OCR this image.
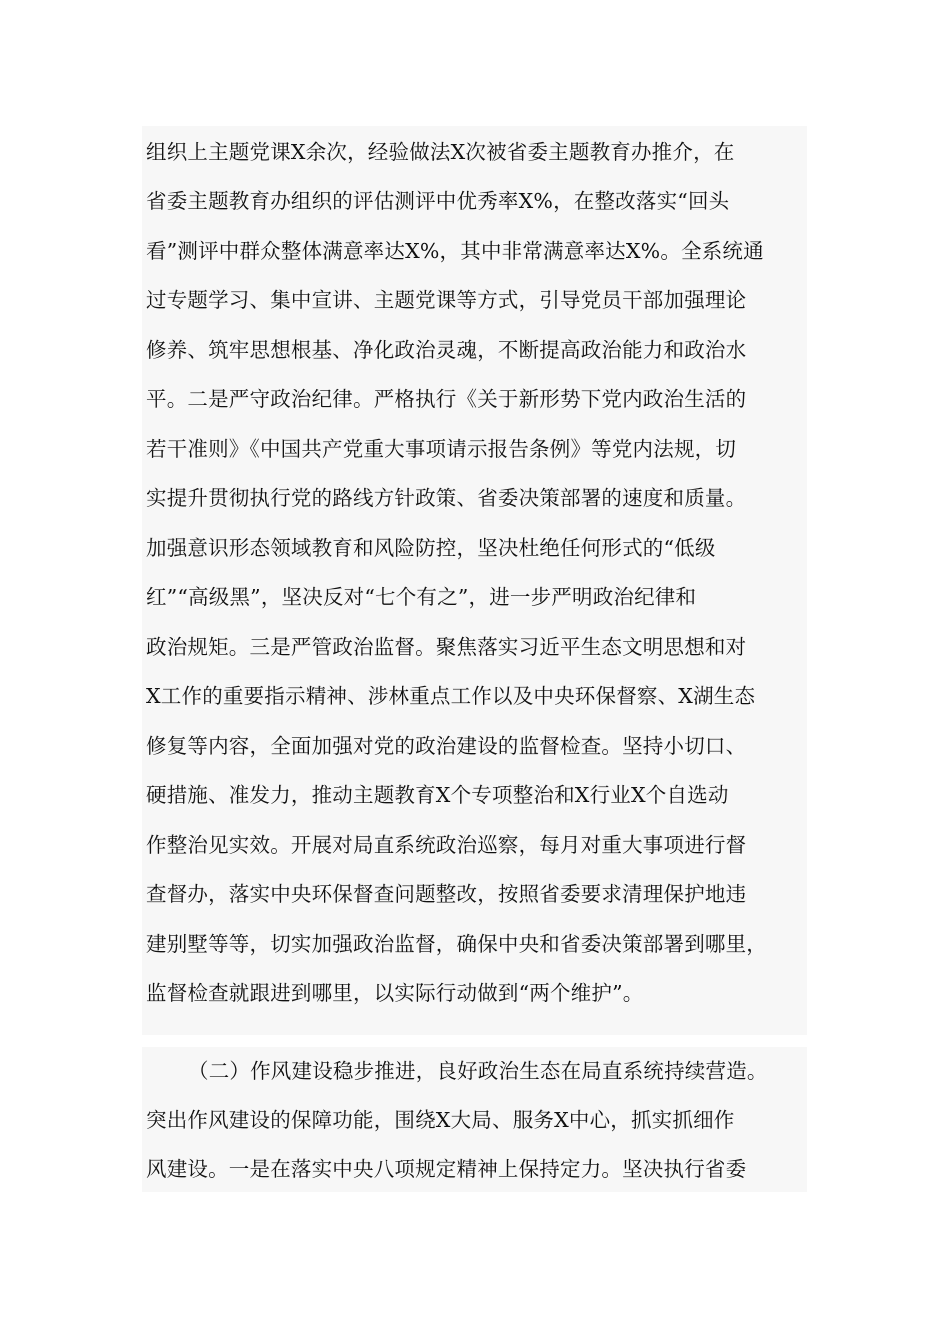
组织上主题党课X余次，经验做法X次被省委主题教育办推介，在
省委主题教育办组织的评估测评中优秀率X%，在整改落实“回头
看”测评中群众整体满意率达X%，其中非常满意率达X%。全系统通
过专题学习、集中宣讲、主题党课等方式，引导党员干部加强理论
修养、筑牢思想根基、净化政治灵魂，不断提高政治能力和政治水
平。二是严守政治纪律。严格执行《关于新形势下党内政治生活的
若干准则》《中国共产党重大事项请示报告条例》等党内法规，切
实提升贯彻执行党的路线方针政策、省委决策部署的速度和质量。
加强意识形态领域教育和风险防控，坚决杜绝任何形式的“低级
红”“高级黑”，坚决反对“七个有之”，进一步严明政治纪律和
政治规矩。三是严管政治监督。聚焦落实习近平生态文明思想和对
X工作的重要指示精神、涉林重点工作以及中央环保督察、X湖生态
修复等内容，全面加强对党的政治建设的监督检查。坚持小切口、
硬措施、准发力，推动主题教育X个专项整治和X行业X个自选动
作整治见实效。开展对局直系统政治巡察，每月对重大事项进行督
查督办，落实中央环保督查问题整改，按照省委要求清理保护地违
建别墅等等，切实加强政治监督，确保中央和省委决策部署到哪里，
监督检查就跟进到哪里，以实际行动做到“两个维护”。
（二）作风建设稳步推进，良好政治生态在局直系统持续营造。
突出作风建设的保障功能，围绕X大局、服务X中心，抓实抓细作
风建设。一是在落实中央八项规定精神上保持定力。坚决执行省委
